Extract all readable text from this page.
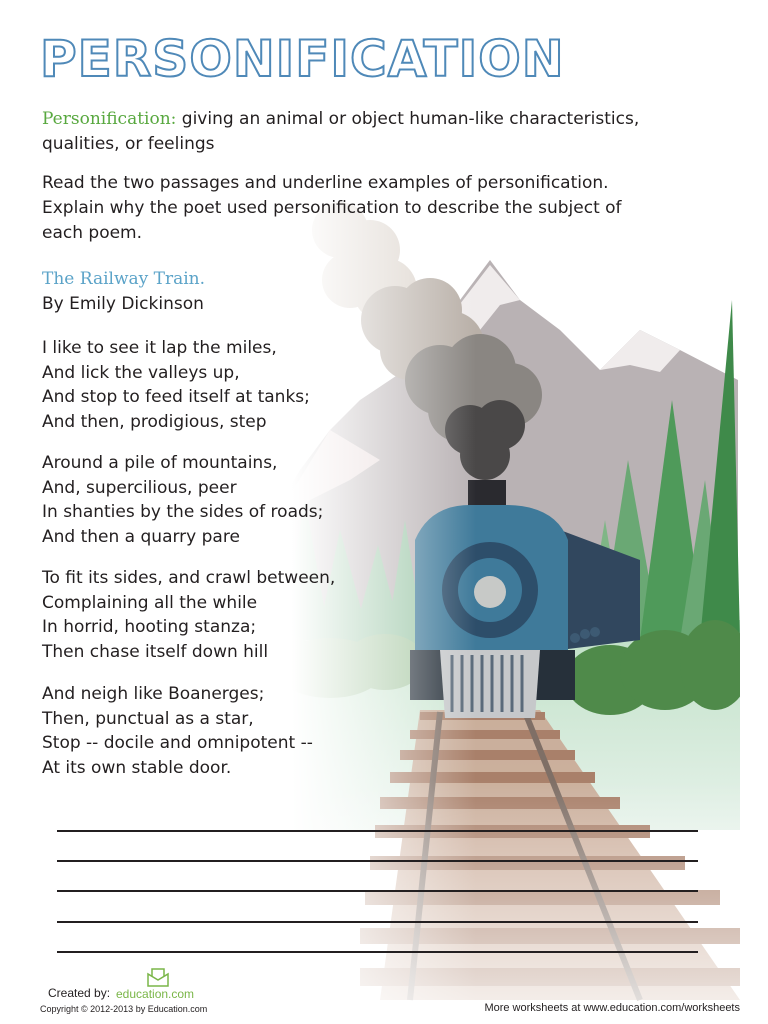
PERSONIFICATION
Personification: giving an animal or object human-like characteristics, qualities, or feelings
Read the two passages and underline examples of personification. Explain why the poet used personification to describe the subject of each poem.
The Railway Train.
By Emily Dickinson
I like to see it lap the miles,
And lick the valleys up,
And stop to feed itself at tanks;
And then, prodigious, step
Around a pile of mountains,
And, supercilious, peer
In shanties by the sides of roads;
And then a quarry pare
To fit its sides, and crawl between,
Complaining all the while
In horrid, hooting stanza;
Then chase itself down hill
And neigh like Boanerges;
Then, punctual as a star,
Stop -- docile and omnipotent --
At its own stable door.
Created by: education.com
Copyright © 2012-2013 by Education.com	More worksheets at www.education.com/worksheets
